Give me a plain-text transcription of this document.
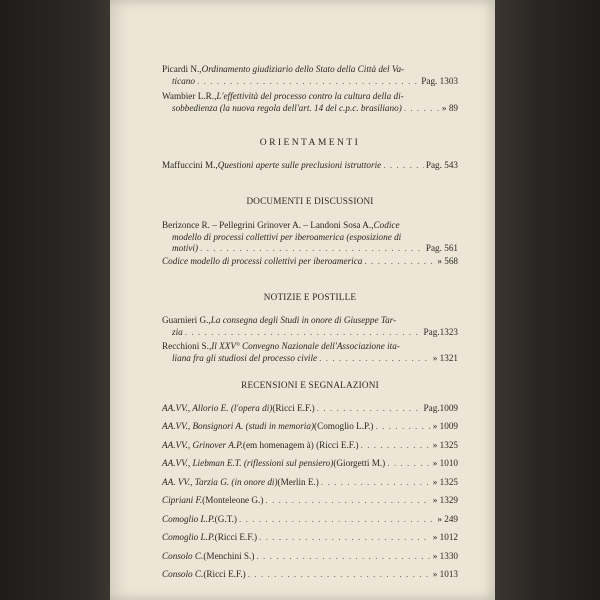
Picardi N., Ordinamento giudiziario dello Stato della Città del Va-
ticano . . .	Pag. 1303
Wambier L.R., L'effettività del processo contro la cultura della di-
sobbedienza (la nuova regola dell'art. 14 del c.p.c. brasiliano) . . .	» 89
ORIENTAMENTI
Maffuccini M., Questioni aperte sulle preclusioni istruttorie . . .	Pag. 543
DOCUMENTI E DISCUSSIONI
Berizonce R. – Pellegrini Grinover A. – Landoni Sosa A., Codice
modello di processi collettivi per iberoamerica (esposizione di
motivi) . . .	Pag. 561
Codice modello di processi collettivi per iberoamerica . . .	» 568
NOTIZIE E POSTILLE
Guarnieri G., La consegna degli Studi in onore di Giuseppe Tar-
zia . . .	Pag.1323
Recchioni S., Il XXV° Convegno Nazionale dell'Associazione ita-
liana fra gli studiosi del processo civile . . .	» 1321
RECENSIONI E SEGNALAZIONI
AA.VV., Allorio E. (l'opera di) (Ricci E.F.) . . .	Pag.1009
AA.VV., Bonsignori A. (studi in memoria) (Comoglio L.P.) . . .	» 1009
AA.VV., Grinover A.P. (em homenagem à) (Ricci E.F.) . . .	» 1325
AA.VV., Liebman E.T. (riflessioni sul pensiero) (Giorgetti M.) . . .	» 1010
AA. VV., Tarzia G. (in onore di) (Merlin E.) . . .	» 1325
Cipriani F. (Monteleone G.) . . .	» 1329
Comoglio L.P. (G.T.) . . .	» 249
Comoglio L.P. (Ricci E.F.) . . .	» 1012
Consolo C. (Menchini S.) . . .	» 1330
Consolo C. (Ricci E.F.) . . .	» 1013
